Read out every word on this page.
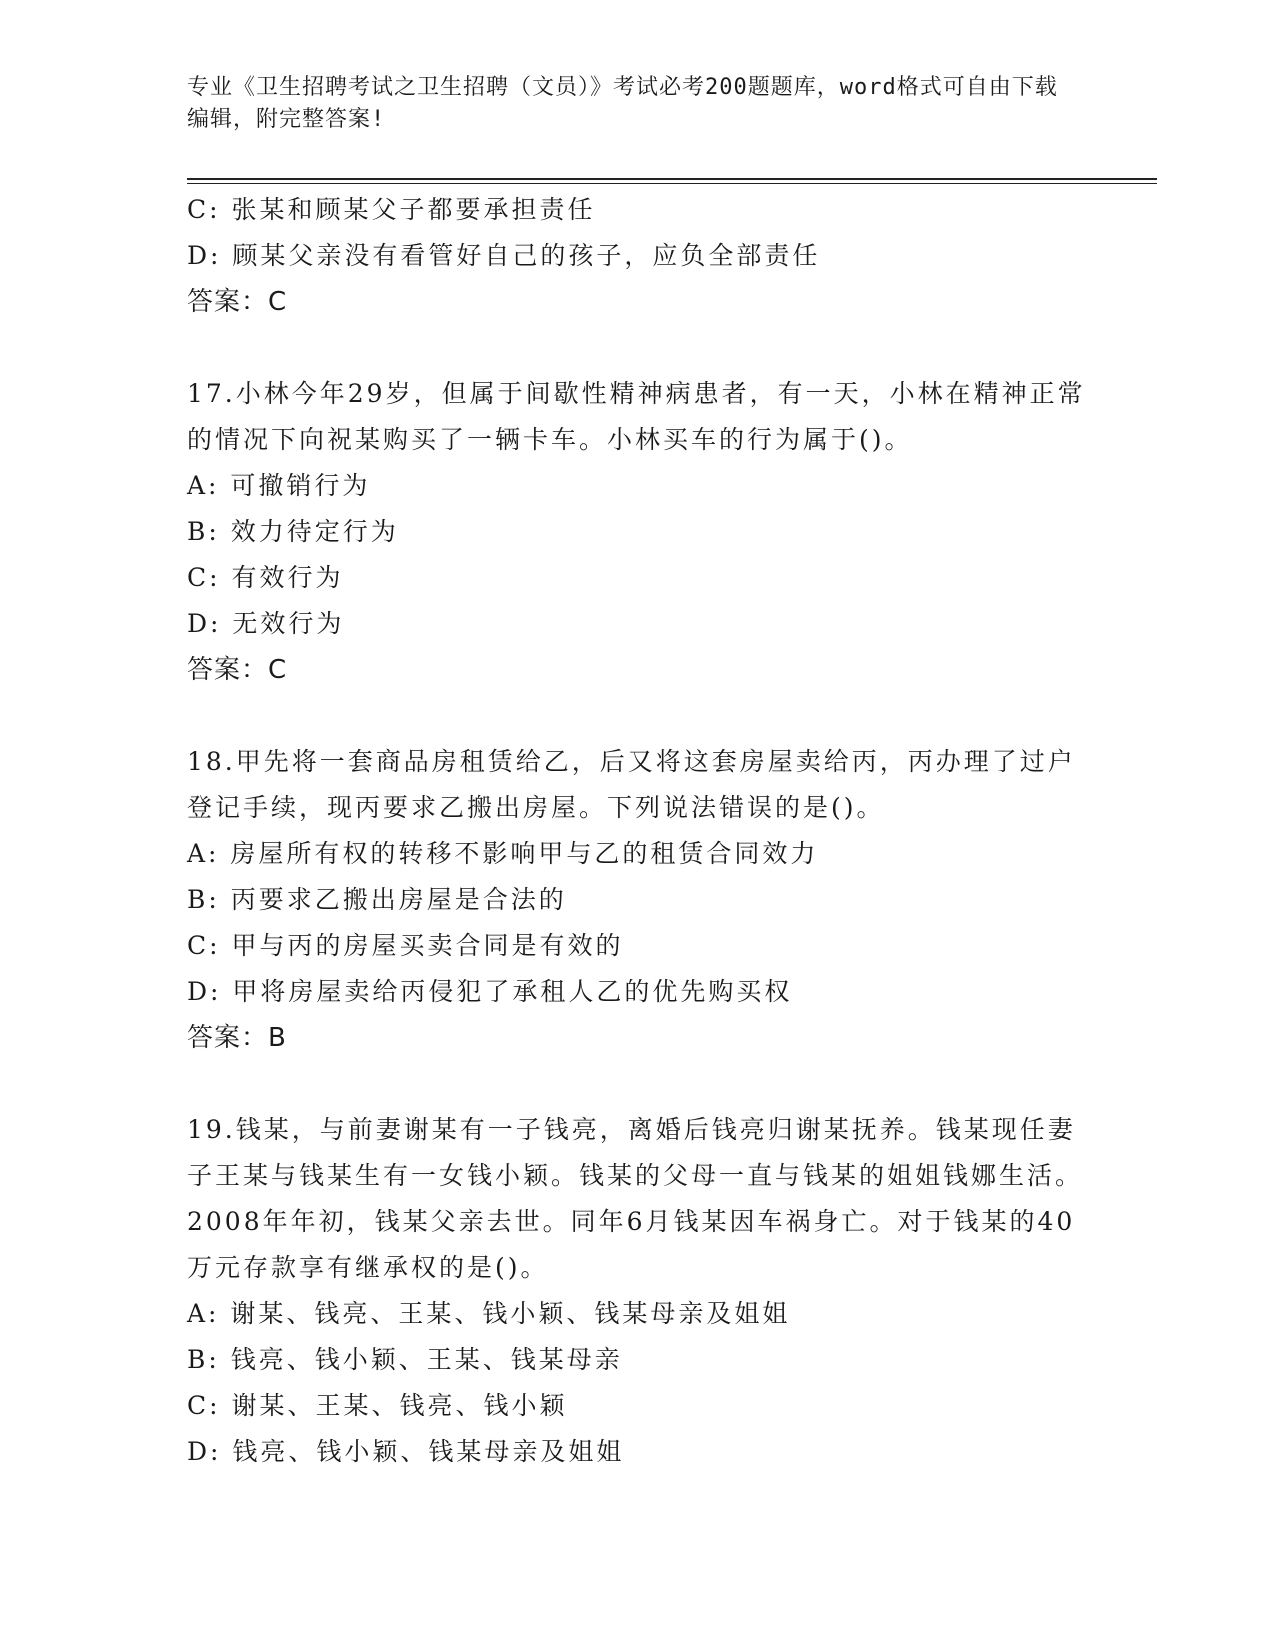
专业《卫生招聘考试之卫生招聘（文员）》考试必考200题题库，word格式可自由下载编辑，附完整答案!
C: 张某和顾某父子都要承担责任
D: 顾某父亲没有看管好自己的孩子，应负全部责任
答案：C
17.小林今年29岁，但属于间歇性精神病患者，有一天，小林在精神正常的情况下向祝某购买了一辆卡车。小林买车的行为属于()。
A: 可撤销行为
B: 效力待定行为
C: 有效行为
D: 无效行为
答案：C
18.甲先将一套商品房租赁给乙，后又将这套房屋卖给丙，丙办理了过户登记手续，现丙要求乙搬出房屋。下列说法错误的是()。
A: 房屋所有权的转移不影响甲与乙的租赁合同效力
B: 丙要求乙搬出房屋是合法的
C: 甲与丙的房屋买卖合同是有效的
D: 甲将房屋卖给丙侵犯了承租人乙的优先购买权
答案：B
19.钱某，与前妻谢某有一子钱亮，离婚后钱亮归谢某抚养。钱某现任妻子王某与钱某生有一女钱小颖。钱某的父母一直与钱某的姐姐钱娜生活。2008年年初，钱某父亲去世。同年6月钱某因车祸身亡。对于钱某的40万元存款享有继承权的是()。
A: 谢某、钱亮、王某、钱小颖、钱某母亲及姐姐
B: 钱亮、钱小颖、王某、钱某母亲
C: 谢某、王某、钱亮、钱小颖
D: 钱亮、钱小颖、钱某母亲及姐姐
